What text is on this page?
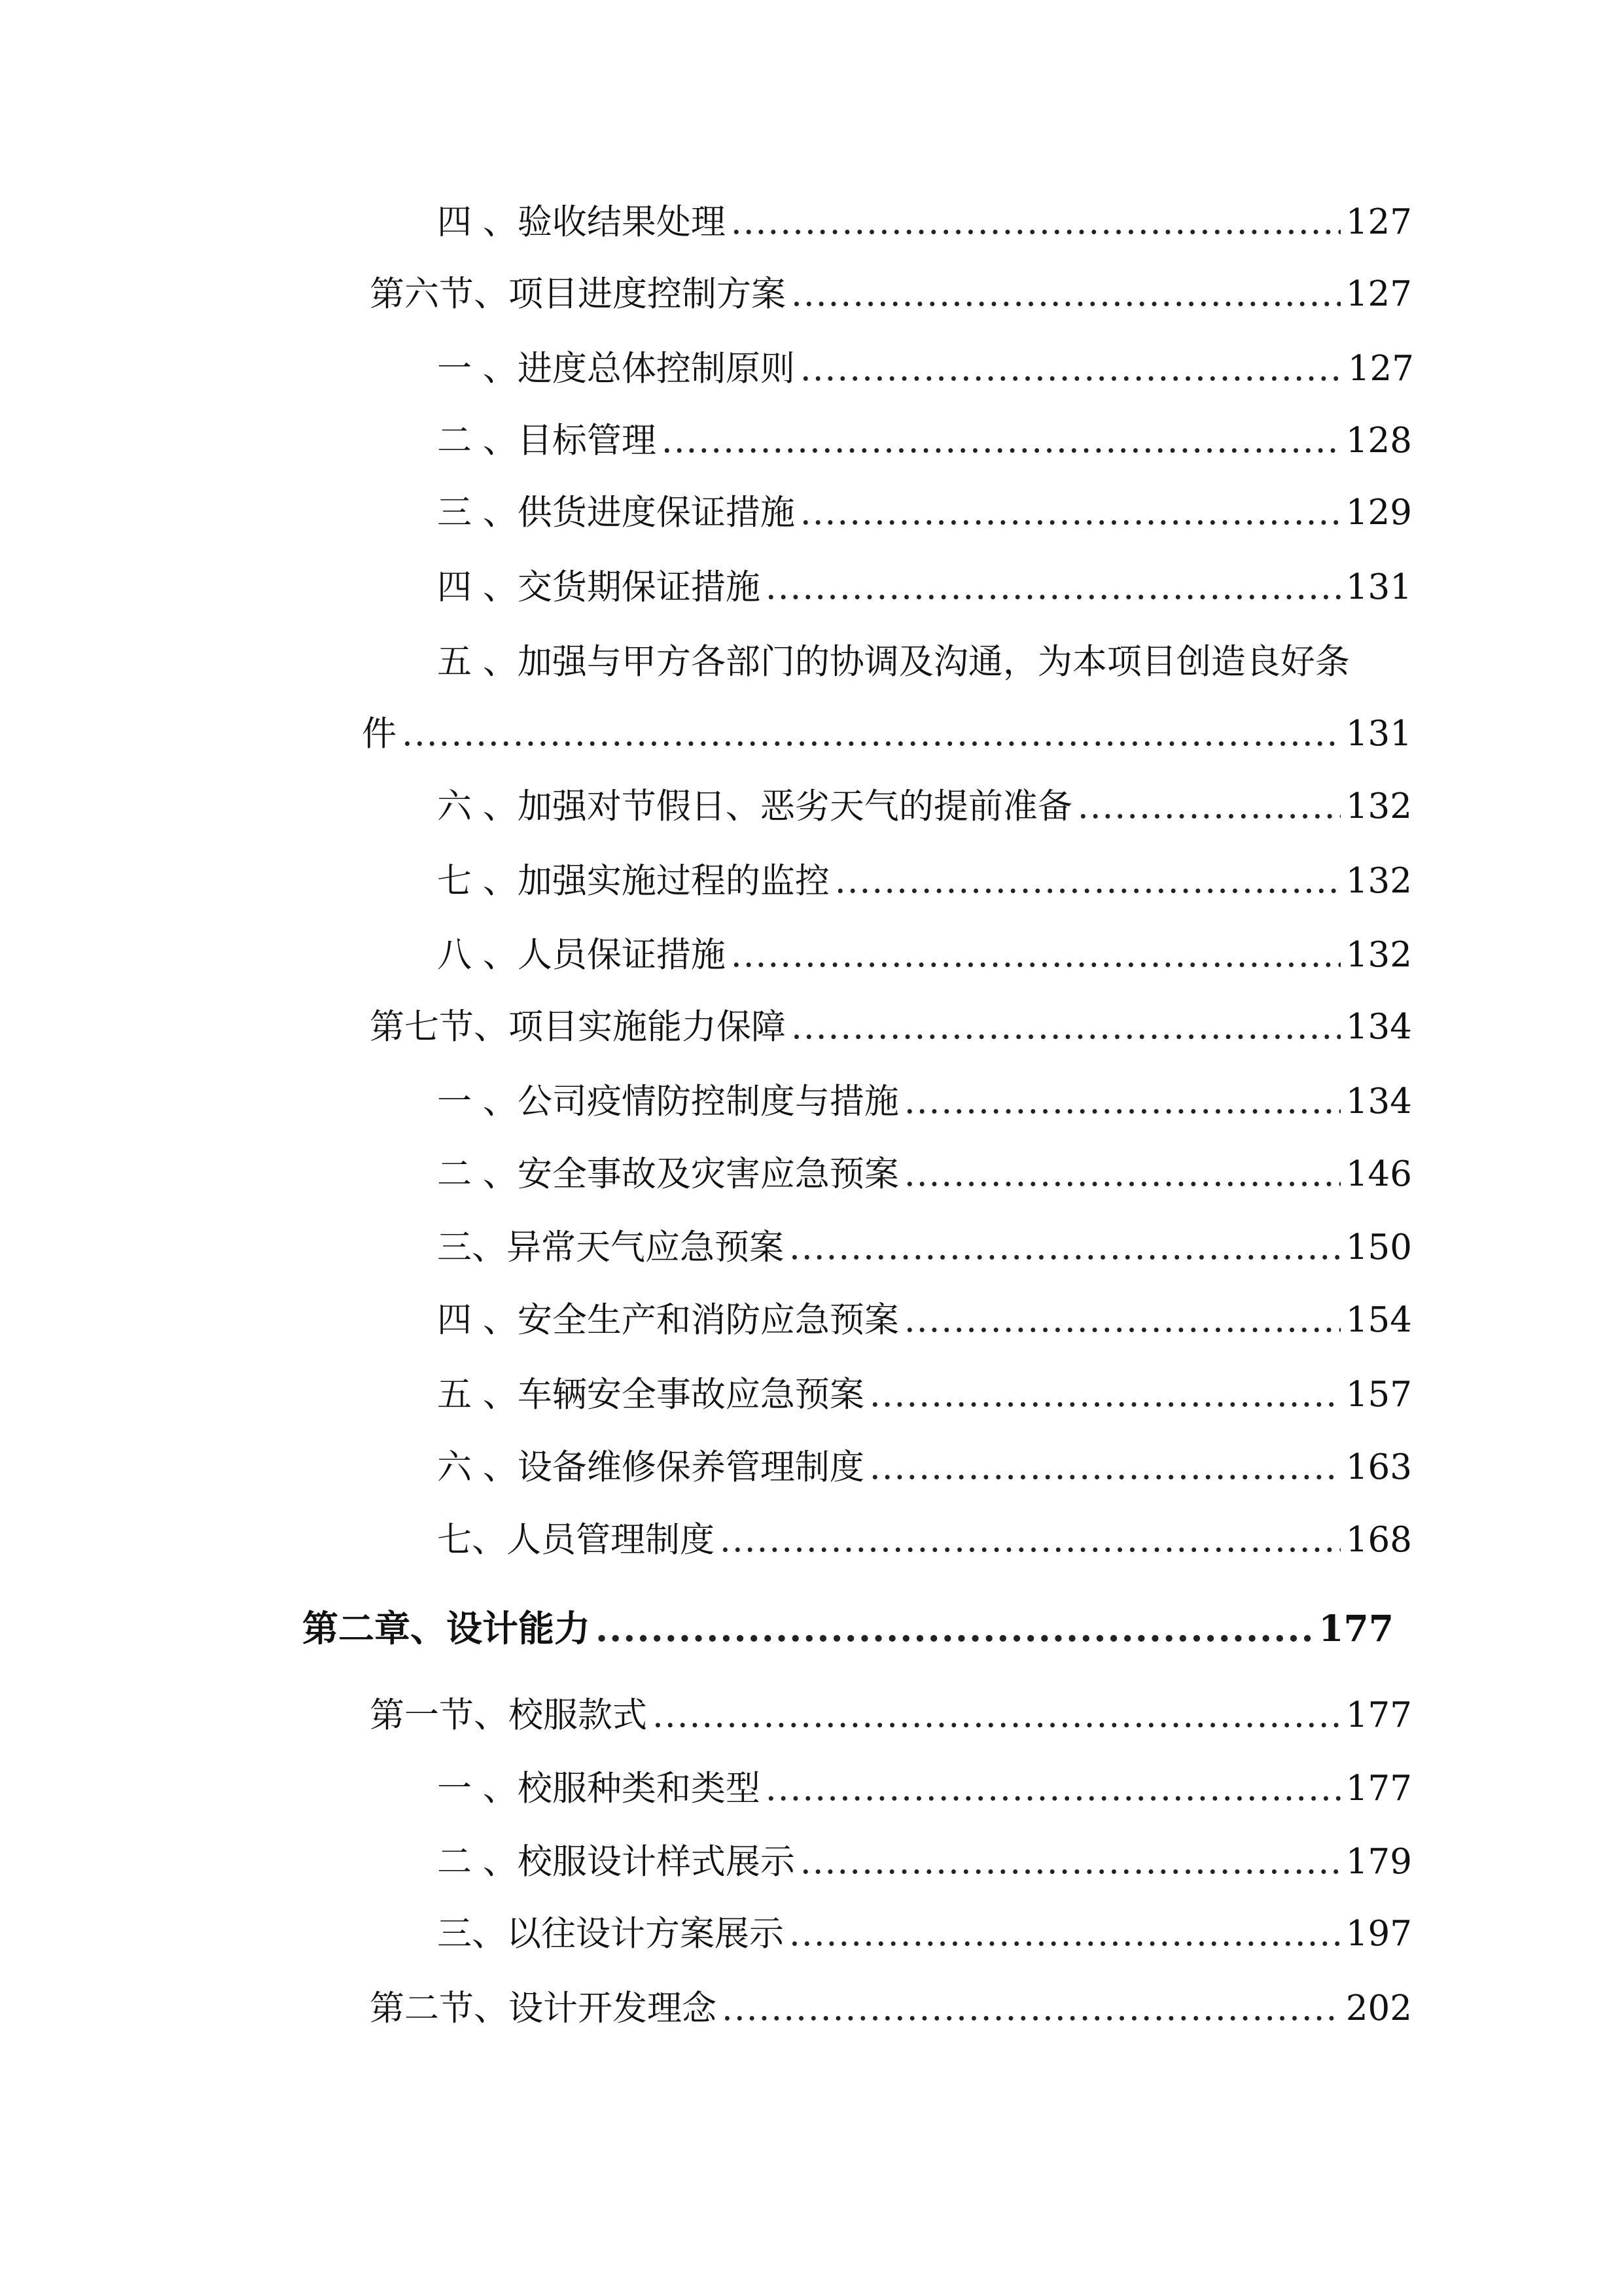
四 、验收结果处理 .....	127
第六节、项目进度控制方案 .....	127
一 、进度总体控制原则 .....	127
二 、目标管理 .....	128
三 、供货进度保证措施 .....	129
四 、交货期保证措施 .....	131
五 、加强与甲方各部门的协调及沟通，为本项目创造良好条
件 .....	131
六 、加强对节假日、恶劣天气的提前准备 .....	132
七 、加强实施过程的监控 .....	132
八 、人员保证措施 .....	132
第七节、项目实施能力保障 .....	134
一 、公司疫情防控制度与措施 .....	134
二 、安全事故及灾害应急预案 .....	146
三、异常天气应急预案 .....	150
四 、安全生产和消防应急预案 .....	154
五 、车辆安全事故应急预案 .....	157
六 、设备维修保养管理制度 .....	163
七、人员管理制度 .....	168
第二章、设计能力 .....	177
第一节、校服款式 .....	177
一 、校服种类和类型 .....	177
二 、校服设计样式展示 .....	179
三、以往设计方案展示 .....	197
第二节、设计开发理念 .....	202
